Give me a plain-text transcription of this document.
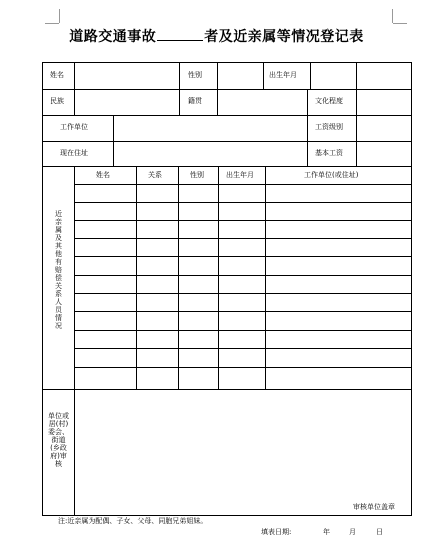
道路交通事故	者及近亲属等情况登记表
姓名	性别	出生年月
民族	籍贯	文化程度
工作单位	工资级别
现在住址	基本工资
姓名	关系	性别	出生年月	工作单位(或住址)
近亲属及其他有赔偿关系人员情况
单位或居(村)委会、街道(乡政府)审核
审核单位盖章
注:近亲属为配偶、子女、父母、同胞兄弟姐妹。
填表日期:	年	月	日
